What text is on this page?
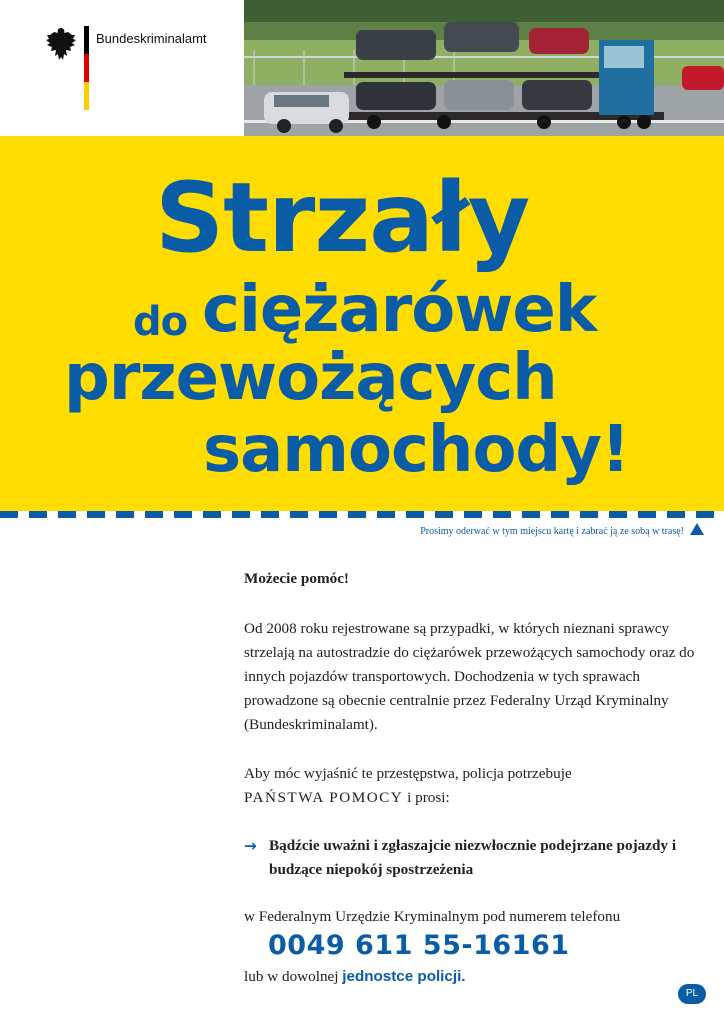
Bundeskriminalamt
Strzały
do ciężarówek
przewożących
samochody!
Prosimy oderwać w tym miejscu kartę i zabrać ją ze sobą w trasę!
Możecie pomóc!
Od 2008 roku rejestrowane są przypadki, w których nieznani sprawcy strzelają na autostradzie do ciężarówek przewożących samochody oraz do innych pojazdów transportowych. Dochodzenia w tych sprawach prowadzone są obecnie centralnie przez Federalny Urząd Kryminalny (Bundeskriminalamt).
Aby móc wyjaśnić te przestępstwa, policja potrzebuje
PAŃSTWA POMOCY i prosi:
→ Bądźcie uważni i zgłaszajcie niezwłocznie podejrzane pojazdy i budzące niepokój spostrzeżenia
w Federalnym Urzędzie Kryminalnym pod numerem telefonu
0049 611 55-16161
lub w dowolnej jednostce policji.
PL
